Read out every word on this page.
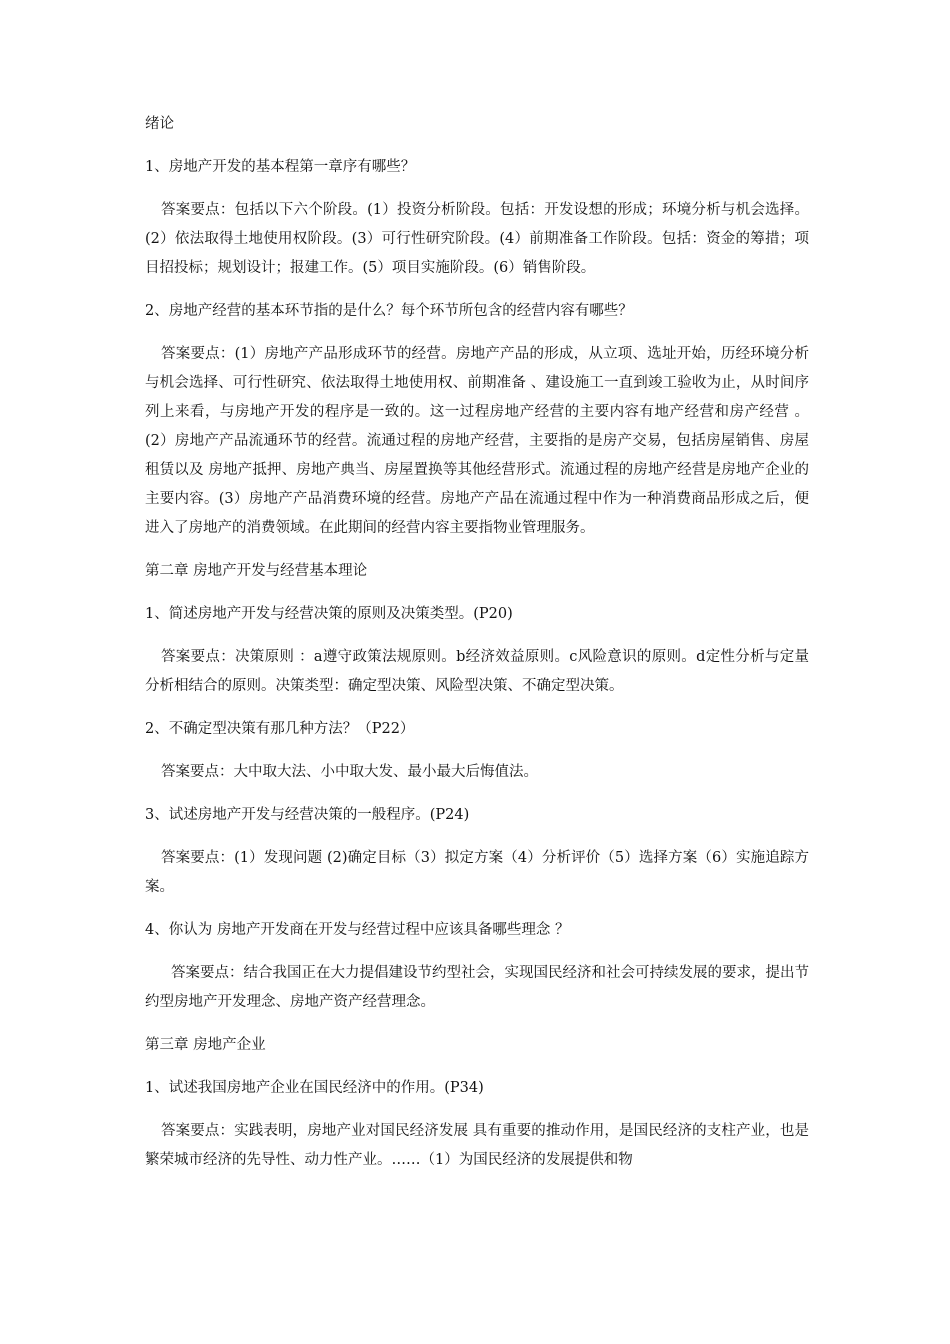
绪论

1、房地产开发的基本程第一章序有哪些？

答案要点：包括以下六个阶段。(1）投资分析阶段。包括：开发设想的形成；环境分析与机会选择。(2）依法取得土地使用权阶段。(3）可行性研究阶段。(4）前期准备工作阶段。包括：资金的筹措；项目招投标；规划设计；报建工作。(5）项目实施阶段。(6）销售阶段。

2、房地产经营的基本环节指的是什么？每个环节所包含的经营内容有哪些？

答案要点：(1）房地产产品形成环节的经营。房地产产品的形成，从立项、选址开始，历经环境分析与机会选择、可行性研究、依法取得土地使用权、前期准备 、建设施工一直到竣工验收为止，从时间序列上来看，与房地产开发的程序是一致的。这一过程房地产经营的主要内容有地产经营和房产经营 。(2）房地产产品流通环节的经营。流通过程的房地产经营，主要指的是房产交易，包括房屋销售、房屋租赁以及 房地产抵押、房地产典当、房屋置换等其他经营形式。流通过程的房地产经营是房地产企业的主要内容。(3）房地产产品消费环境的经营。房地产产品在流通过程中作为一种消费商品形成之后，便进入了房地产的消费领域。在此期间的经营内容主要指物业管理服务。

第二章 房地产开发与经营基本理论

1、简述房地产开发与经营决策的原则及决策类型。(P20)

答案要点：决策原则 ：a遵守政策法规原则。b经济效益原则。c风险意识的原则。d定性分析与定量分析相结合的原则。决策类型：确定型决策、风险型决策、不确定型决策。

2、不确定型决策有那几种方法？（P22）

答案要点：大中取大法、小中取大发、最小最大后悔值法。

3、试述房地产开发与经营决策的一般程序。(P24)

答案要点：(1）发现问题 (2)确定目标（3）拟定方案（4）分析评价（5）选择方案（6）实施追踪方案。

4、你认为 房地产开发商在开发与经营过程中应该具备哪些理念 ？

答案要点：结合我国正在大力提倡建设节约型社会，实现国民经济和社会可持续发展的要求，提出节约型房地产开发理念、房地产资产经营理念。

第三章 房地产企业

1、试述我国房地产企业在国民经济中的作用。(P34)

答案要点：实践表明，房地产业对国民经济发展 具有重要的推动作用，是国民经济的支柱产业，也是繁荣城市经济的先导性、动力性产业。……（1）为国民经济的发展提供和物
